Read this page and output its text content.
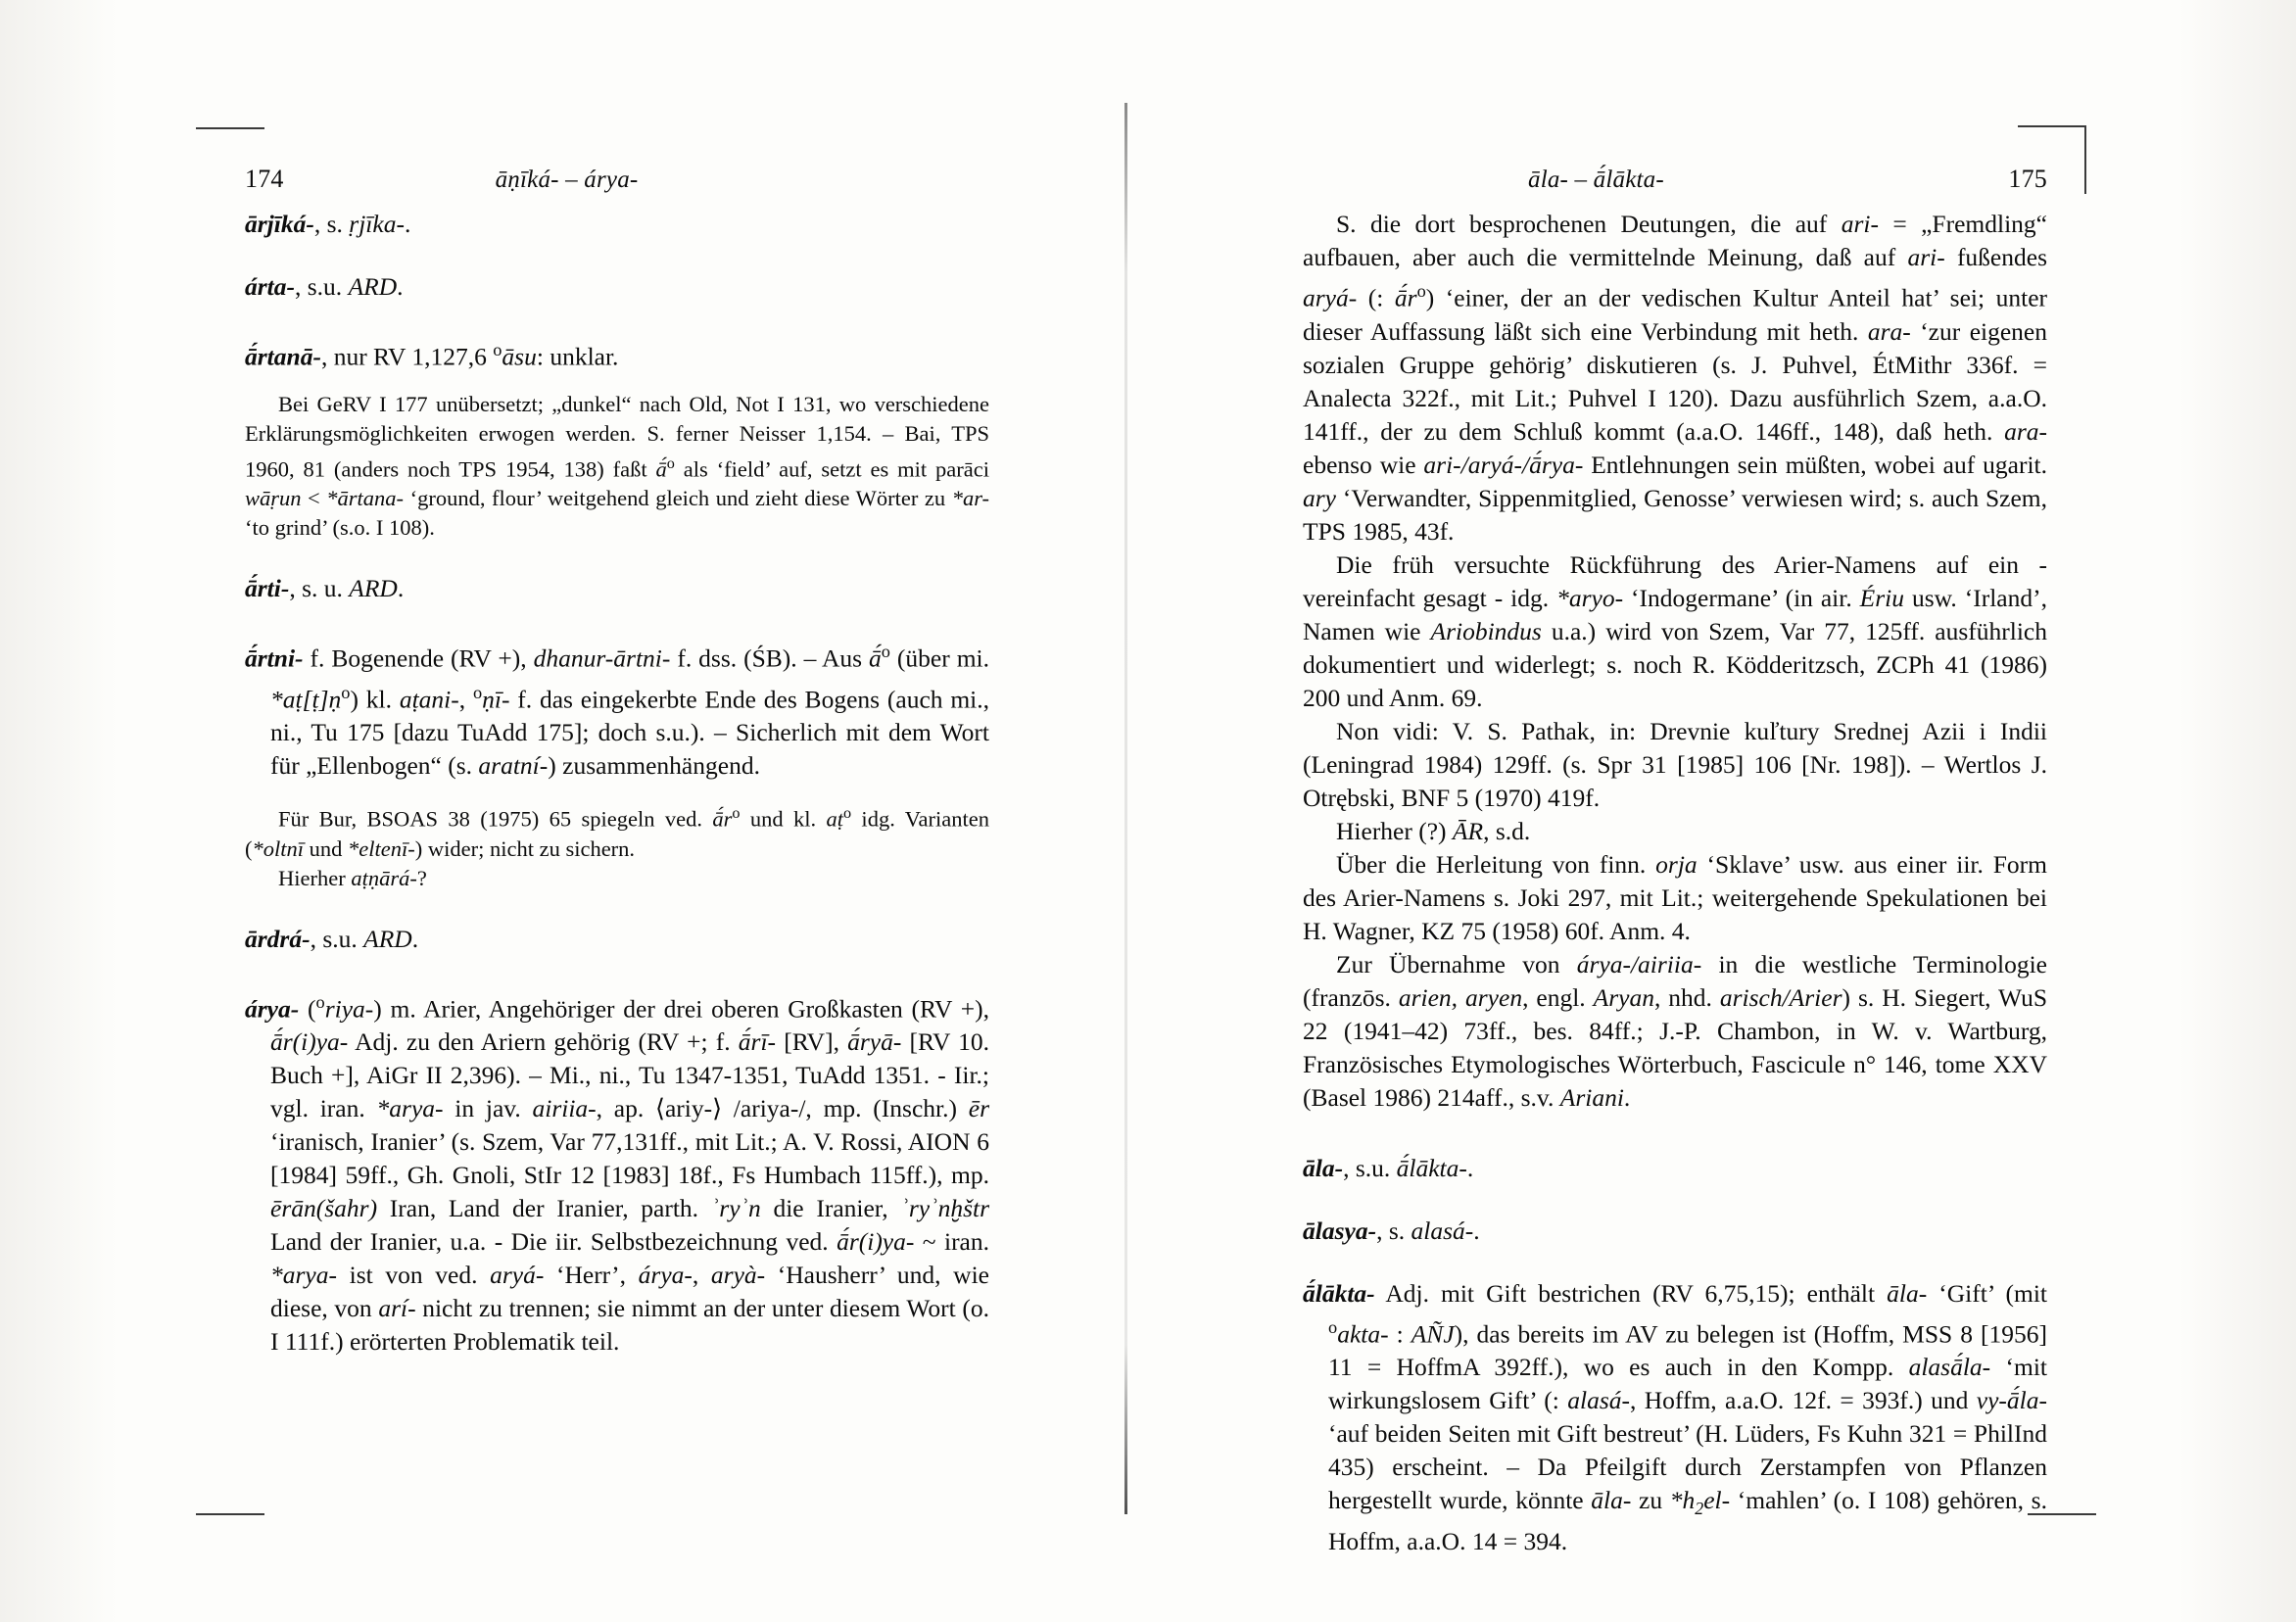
174	āṇīká- – árya-	āla- – ā́lākta-	175

ārjīká-, s. ṛjīka-.

árta-, s.u. ARD.

ā́rtanā-, nur RV 1,127,6 $^o$āsu: unklar.

Bei GeRV I 177 unübersetzt; „dunkel“ nach Old, Not I 131, wo verschiedene Erklärungsmöglichkeiten erwogen werden. S. ferner Neisser 1,154. – Bai, TPS 1960, 81 (anders noch TPS 1954, 138) faßt ā́$^o$ als ‘field’ auf, setzt es mit parāci wāṛun < *ārtana- ‘ground, flour’ weitgehend gleich und zieht diese Wörter zu *ar- ‘to grind’ (s.o. I 108).

ā́rti-, s. u. ARD.

ā́rtni- f. Bogenende (RV +), dhanur-ārtni- f. dss. (ŚB). – Aus ā́$^o$ (über mi. *aṭ[ṭ]ṇ$^o$) kl. aṭani-, $^o$ṇī- f. das eingekerbte Ende des Bogens (auch mi., ni., Tu 175 [dazu TuAdd 175]; doch s.u.). – Sicherlich mit dem Wort für „Ellenbogen“ (s. aratní-) zusammenhängend.

Für Bur, BSOAS 38 (1975) 65 spiegeln ved. $ā́r^o$ und kl. aṭ$^o$ idg. Varianten (*oltnī und *eltenī-) wider; nicht zu sichern.

Hierher aṭṇārá-?

ārdrá-, s.u. ARD.

árya- ($^o$riya-) m. Arier, Angehöriger der drei oberen Großkasten (RV +), ā́r(i)ya- Adj. zu den Ariern gehörig (RV +; f. ā́rī- [RV], ā́ryā- [RV 10. Buch +], AiGr II 2,396). – Mi., ni., Tu 1347-1351, TuAdd 1351. - Iir.; vgl. iran. *arya- in jav. airiia-, ap. ⟨ariy-⟩ /ariya-/, mp. (Inschr.) ēr ‘iranisch, Iranier’ (s. Szem, Var 77,131ff., mit Lit.; A. V. Rossi, AION 6 [1984] 59ff., Gh. Gnoli, StIr 12 [1983] 18f., Fs Humbach 115ff.), mp. ērān(šahr) Iran, Land der Iranier, parth. ʾryʾn die Iranier, ʾryʾnḫštr Land der Iranier, u.a. - Die iir. Selbstbezeichnung ved. ā́r(i)ya- ~ iran. *arya- ist von ved. aryá- ‘Herr’, árya-, aryà- ‘Hausherr’ und, wie diese, von arí- nicht zu trennen; sie nimmt an der unter diesem Wort (o. I 111f.) erörterten Problematik teil.

S. die dort besprochenen Deutungen, die auf ari- = „Fremdling“ aufbauen, aber auch die vermittelnde Meinung, daß auf ari- fußendes aryá- (: $ā́r^o$) ‘einer, der an der vedischen Kultur Anteil hat’ sei; unter dieser Auffassung läßt sich eine Verbindung mit heth. ara- ‘zur eigenen sozialen Gruppe gehörig’ diskutieren (s. J. Puhvel, ÉtMithr 336f. = Analecta 322f., mit Lit.; Puhvel I 120). Dazu ausführlich Szem, a.a.O. 141ff., der zu dem Schluß kommt (a.a.O. 146ff., 148), daß heth. ara- ebenso wie ari-/aryá-/ā́rya- Entlehnungen sein müßten, wobei auf ugarit. ary ‘Verwandter, Sippenmitglied, Genosse’ verwiesen wird; s. auch Szem, TPS 1985, 43f.

Die früh versuchte Rückführung des Arier-Namens auf ein - vereinfacht gesagt - idg. *aryo- ‘Indogermane’ (in air. Ériu usw. ‘Irland’, Namen wie Ariobindus u.a.) wird von Szem, Var 77, 125ff. ausführlich dokumentiert und widerlegt; s. noch R. Ködderitzsch, ZCPh 41 (1986) 200 und Anm. 69.

Non vidi: V. S. Pathak, in: Drevnie kuľtury Srednej Azii i Indii (Leningrad 1984) 129ff. (s. Spr 31 [1985] 106 [Nr. 198]). – Wertlos J. Otrębski, BNF 5 (1970) 419f.

Hierher (?) ĀR, s.d.

Über die Herleitung von finn. orja ‘Sklave’ usw. aus einer iir. Form des Arier-Namens s. Joki 297, mit Lit.; weitergehende Spekulationen bei H. Wagner, KZ 75 (1958) 60f. Anm. 4.

Zur Übernahme von árya-/airiia- in die westliche Terminologie (franzōs. arien, aryen, engl. Aryan, nhd. arisch/Arier) s. H. Siegert, WuS 22 (1941–42) 73ff., bes. 84ff.; J.-P. Chambon, in W. v. Wartburg, Französisches Etymologisches Wörterbuch, Fascicule n° 146, tome XXV (Basel 1986) 214aff., s.v. Ariani.

āla-, s.u. ā́lākta-.

ālasya-, s. alasá-.

ā́lākta- Adj. mit Gift bestrichen (RV 6,75,15); enthält āla- ‘Gift’ (mit $^o$akta- : AÑJ), das bereits im AV zu belegen ist (Hoffm, MSS 8 [1956] 11 = HoffmA 392ff.), wo es auch in den Kompp. alasā́la- ‘mit wirkungslosem Gift’ (: alasá-, Hoffm, a.a.O. 12f. = 393f.) und vy-ā́la- ‘auf beiden Seiten mit Gift bestreut’ (H. Lüders, Fs Kuhn 321 = PhilInd 435) erscheint. – Da Pfeilgift durch Zerstampfen von Pflanzen hergestellt wurde, könnte āla- zu $*h_2el-$ ‘mahlen’ (o. I 108) gehören, s. Hoffm, a.a.O. 14 = 394.
